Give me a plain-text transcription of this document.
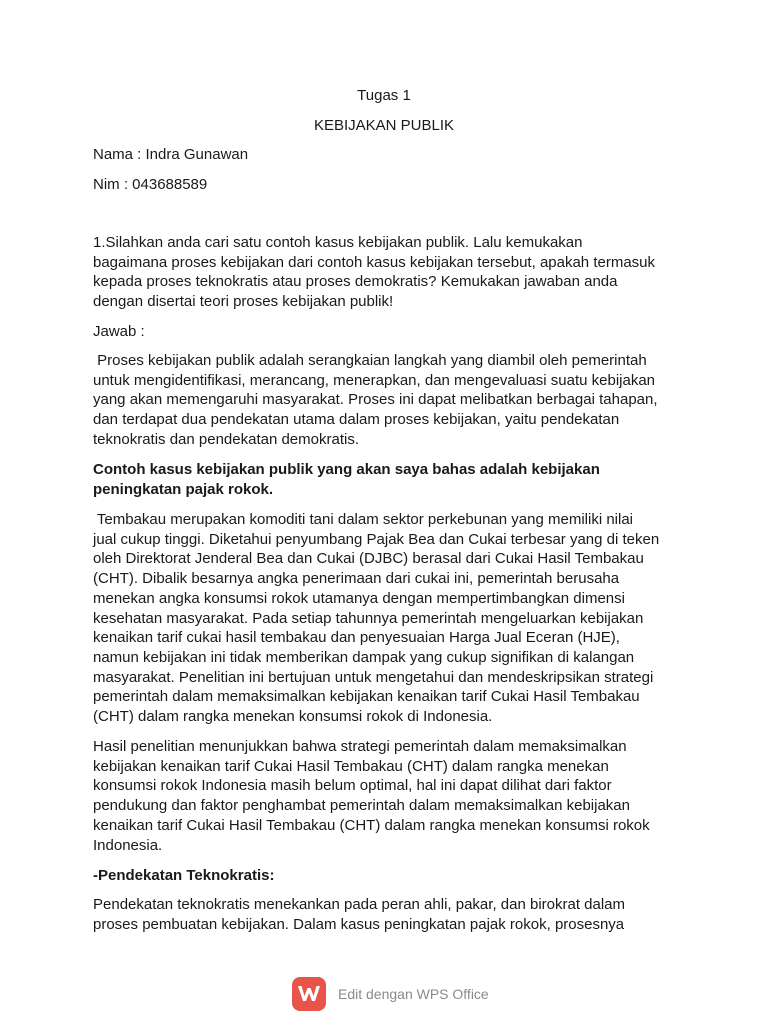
Tugas 1
KEBIJAKAN PUBLIK
Nama : Indra Gunawan
Nim : 043688589
1.Silahkan anda cari satu contoh kasus kebijakan publik. Lalu kemukakan
bagaimana proses kebijakan dari contoh kasus kebijakan tersebut, apakah termasuk
kepada proses teknokratis atau proses demokratis? Kemukakan jawaban anda
dengan disertai teori proses kebijakan publik!
Jawab :
Proses kebijakan publik adalah serangkaian langkah yang diambil oleh pemerintah
untuk mengidentifikasi, merancang, menerapkan, dan mengevaluasi suatu kebijakan
yang akan memengaruhi masyarakat. Proses ini dapat melibatkan berbagai tahapan,
dan terdapat dua pendekatan utama dalam proses kebijakan, yaitu pendekatan
teknokratis dan pendekatan demokratis.
Contoh kasus kebijakan publik yang akan saya bahas adalah kebijakan
peningkatan pajak rokok.
Tembakau merupakan komoditi tani dalam sektor perkebunan yang memiliki nilai
jual cukup tinggi. Diketahui penyumbang Pajak Bea dan Cukai terbesar yang di teken
oleh Direktorat Jenderal Bea dan Cukai (DJBC) berasal dari Cukai Hasil Tembakau
(CHT). Dibalik besarnya angka penerimaan dari cukai ini, pemerintah berusaha
menekan angka konsumsi rokok utamanya dengan mempertimbangkan dimensi
kesehatan masyarakat. Pada setiap tahunnya pemerintah mengeluarkan kebijakan
kenaikan tarif cukai hasil tembakau dan penyesuaian Harga Jual Eceran (HJE),
namun kebijakan ini tidak memberikan dampak yang cukup signifikan di kalangan
masyarakat. Penelitian ini bertujuan untuk mengetahui dan mendeskripsikan strategi
pemerintah dalam memaksimalkan kebijakan kenaikan tarif Cukai Hasil Tembakau
(CHT) dalam rangka menekan konsumsi rokok di Indonesia.
Hasil penelitian menunjukkan bahwa strategi pemerintah dalam memaksimalkan
kebijakan kenaikan tarif Cukai Hasil Tembakau (CHT) dalam rangka menekan
konsumsi rokok Indonesia masih belum optimal, hal ini dapat dilihat dari faktor
pendukung dan faktor penghambat pemerintah dalam memaksimalkan kebijakan
kenaikan tarif Cukai Hasil Tembakau (CHT) dalam rangka menekan konsumsi rokok
Indonesia.
-Pendekatan Teknokratis:
Pendekatan teknokratis menekankan pada peran ahli, pakar, dan birokrat dalam
proses pembuatan kebijakan. Dalam kasus peningkatan pajak rokok, prosesnya
Edit dengan WPS Office
